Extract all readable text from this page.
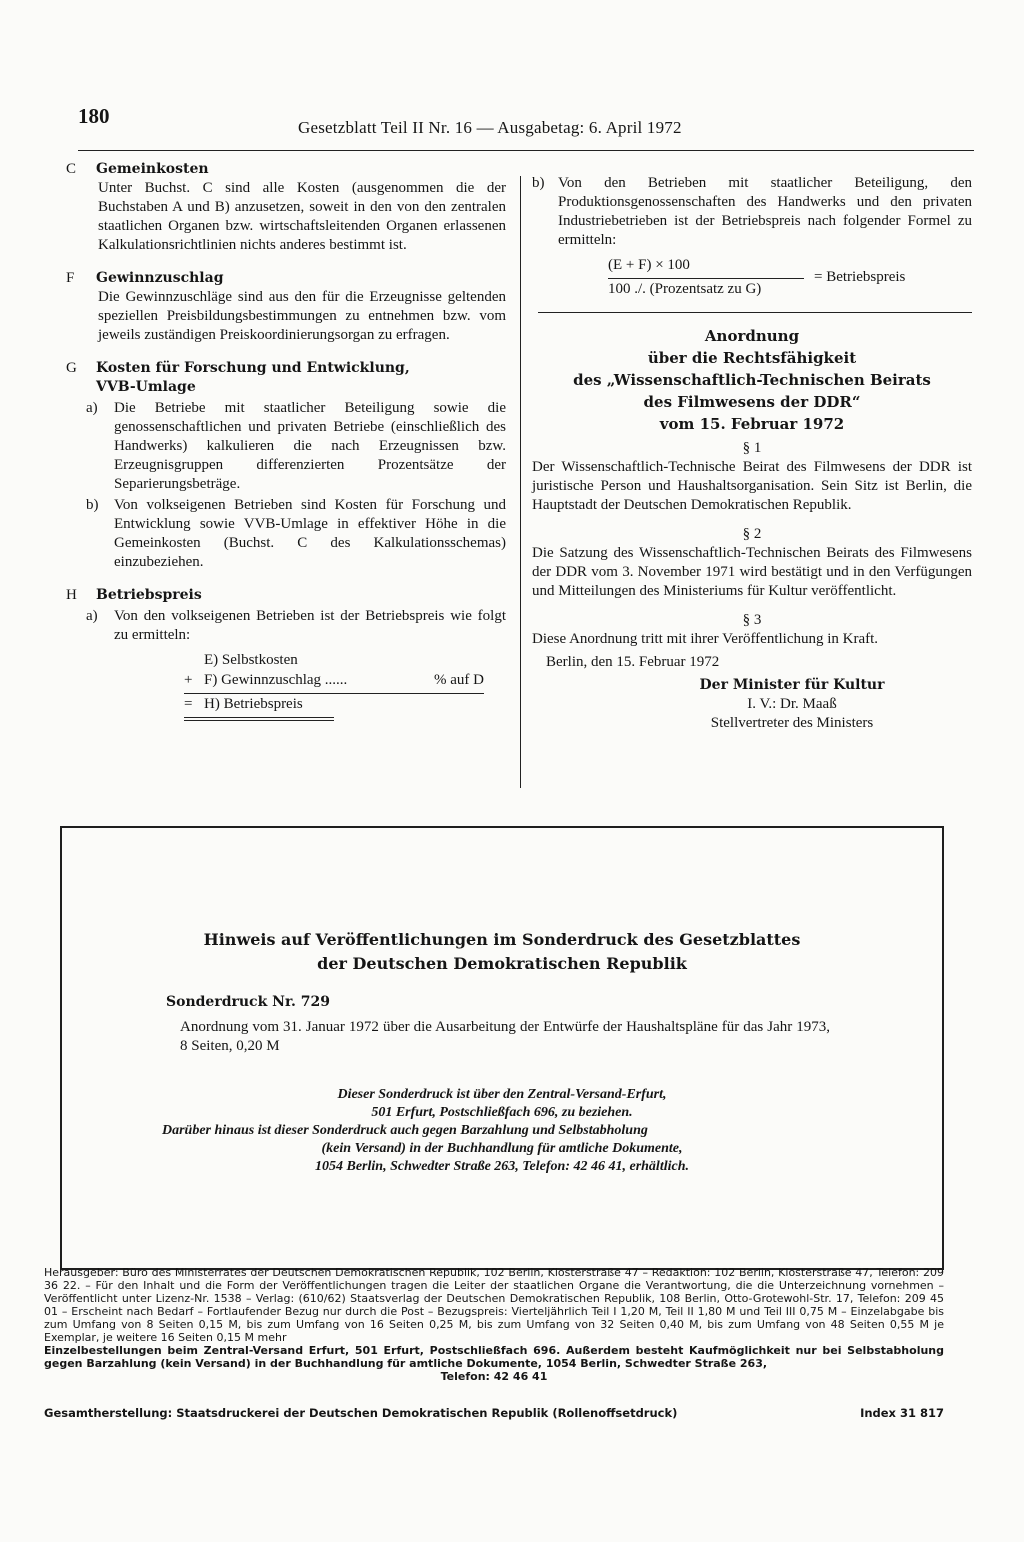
180	Gesetzblatt Teil II Nr. 16 — Ausgabetag: 6. April 1972
C	Gemeinkosten
Unter Buchst. C sind alle Kosten (ausgenommen die der Buchstaben A und B) anzusetzen, soweit in den von den zentralen staatlichen Organen bzw. wirtschaftsleitenden Organen erlassenen Kalkulationsrichtlinien nichts anderes bestimmt ist.
F	Gewinnzuschlag
Die Gewinnzuschläge sind aus den für die Erzeugnisse geltenden speziellen Preisbildungsbestimmungen zu entnehmen bzw. vom jeweils zuständigen Preiskoordinierungsorgan zu erfragen.
G	Kosten für Forschung und Entwicklung, VVB-Umlage
a) Die Betriebe mit staatlicher Beteiligung sowie die genossenschaftlichen und privaten Betriebe (einschließlich des Handwerks) kalkulieren die nach Erzeugnissen bzw. Erzeugnisgruppen differenzierten Prozentsätze der Separierungsbeträge.
b) Von volkseigenen Betrieben sind Kosten für Forschung und Entwicklung sowie VVB-Umlage in effektiver Höhe in die Gemeinkosten (Buchst. C des Kalkulationsschemas) einzubeziehen.
H	Betriebspreis
a) Von den volkseigenen Betrieben ist der Betriebspreis wie folgt zu ermitteln:
E) Selbstkosten
+ F) Gewinnzuschlag ......	% auf D
= H) Betriebspreis
b) Von den Betrieben mit staatlicher Beteiligung, den Produktionsgenossenschaften des Handwerks und den privaten Industriebetrieben ist der Betriebspreis nach folgender Formel zu ermitteln:
(E + F) × 100
100 ./. (Prozentsatz zu G)
= Betriebspreis
Anordnung
über die Rechtsfähigkeit
des „Wissenschaftlich-Technischen Beirats
des Filmwesens der DDR“
vom 15. Februar 1972
§ 1
Der Wissenschaftlich-Technische Beirat des Filmwesens der DDR ist juristische Person und Haushaltsorganisation. Sein Sitz ist Berlin, die Hauptstadt der Deutschen Demokratischen Republik.
§ 2
Die Satzung des Wissenschaftlich-Technischen Beirats des Filmwesens der DDR vom 3. November 1971 wird bestätigt und in den Verfügungen und Mitteilungen des Ministeriums für Kultur veröffentlicht.
§ 3
Diese Anordnung tritt mit ihrer Veröffentlichung in Kraft.
Berlin, den 15. Februar 1972
Der Minister für Kultur
I. V.: Dr. Maaß
Stellvertreter des Ministers
Hinweis auf Veröffentlichungen im Sonderdruck des Gesetzblattes
der Deutschen Demokratischen Republik
Sonderdruck Nr. 729
Anordnung vom 31. Januar 1972 über die Ausarbeitung der Entwürfe der Haushaltspläne für das Jahr 1973, 8 Seiten, 0,20 M
Dieser Sonderdruck ist über den Zentral-Versand-Erfurt,
501 Erfurt, Postschließfach 696, zu beziehen.
Darüber hinaus ist dieser Sonderdruck auch gegen Barzahlung und Selbstabholung
(kein Versand) in der Buchhandlung für amtliche Dokumente,
1054 Berlin, Schwedter Straße 263, Telefon: 42 46 41, erhältlich.
Herausgeber: Büro des Ministerrates der Deutschen Demokratischen Republik, 102 Berlin, Klosterstraße 47 – Redaktion: 102 Berlin, Klosterstraße 47, Telefon: 209 36 22. – Für den Inhalt und die Form der Veröffentlichungen tragen die Leiter der staatlichen Organe die Verantwortung, die die Unterzeichnung vornehmen – Veröffentlicht unter Lizenz-Nr. 1538 – Verlag: (610/62) Staatsverlag der Deutschen Demokratischen Republik, 108 Berlin, Otto-Grotewohl-Str. 17, Telefon: 209 45 01 – Erscheint nach Bedarf – Fortlaufender Bezug nur durch die Post – Bezugspreis: Vierteljährlich Teil I 1,20 M, Teil II 1,80 M und Teil III 0,75 M – Einzelabgabe bis zum Umfang von 8 Seiten 0,15 M, bis zum Umfang von 16 Seiten 0,25 M, bis zum Umfang von 32 Seiten 0,40 M, bis zum Umfang von 48 Seiten 0,55 M je Exemplar, je weitere 16 Seiten 0,15 M mehr
Einzelbestellungen beim Zentral-Versand Erfurt, 501 Erfurt, Postschließfach 696. Außerdem besteht Kaufmöglichkeit nur bei Selbstabholung gegen Barzahlung (kein Versand) in der Buchhandlung für amtliche Dokumente, 1054 Berlin, Schwedter Straße 263,
Telefon: 42 46 41
Gesamtherstellung: Staatsdruckerei der Deutschen Demokratischen Republik (Rollenoffsetdruck)	Index 31 817
